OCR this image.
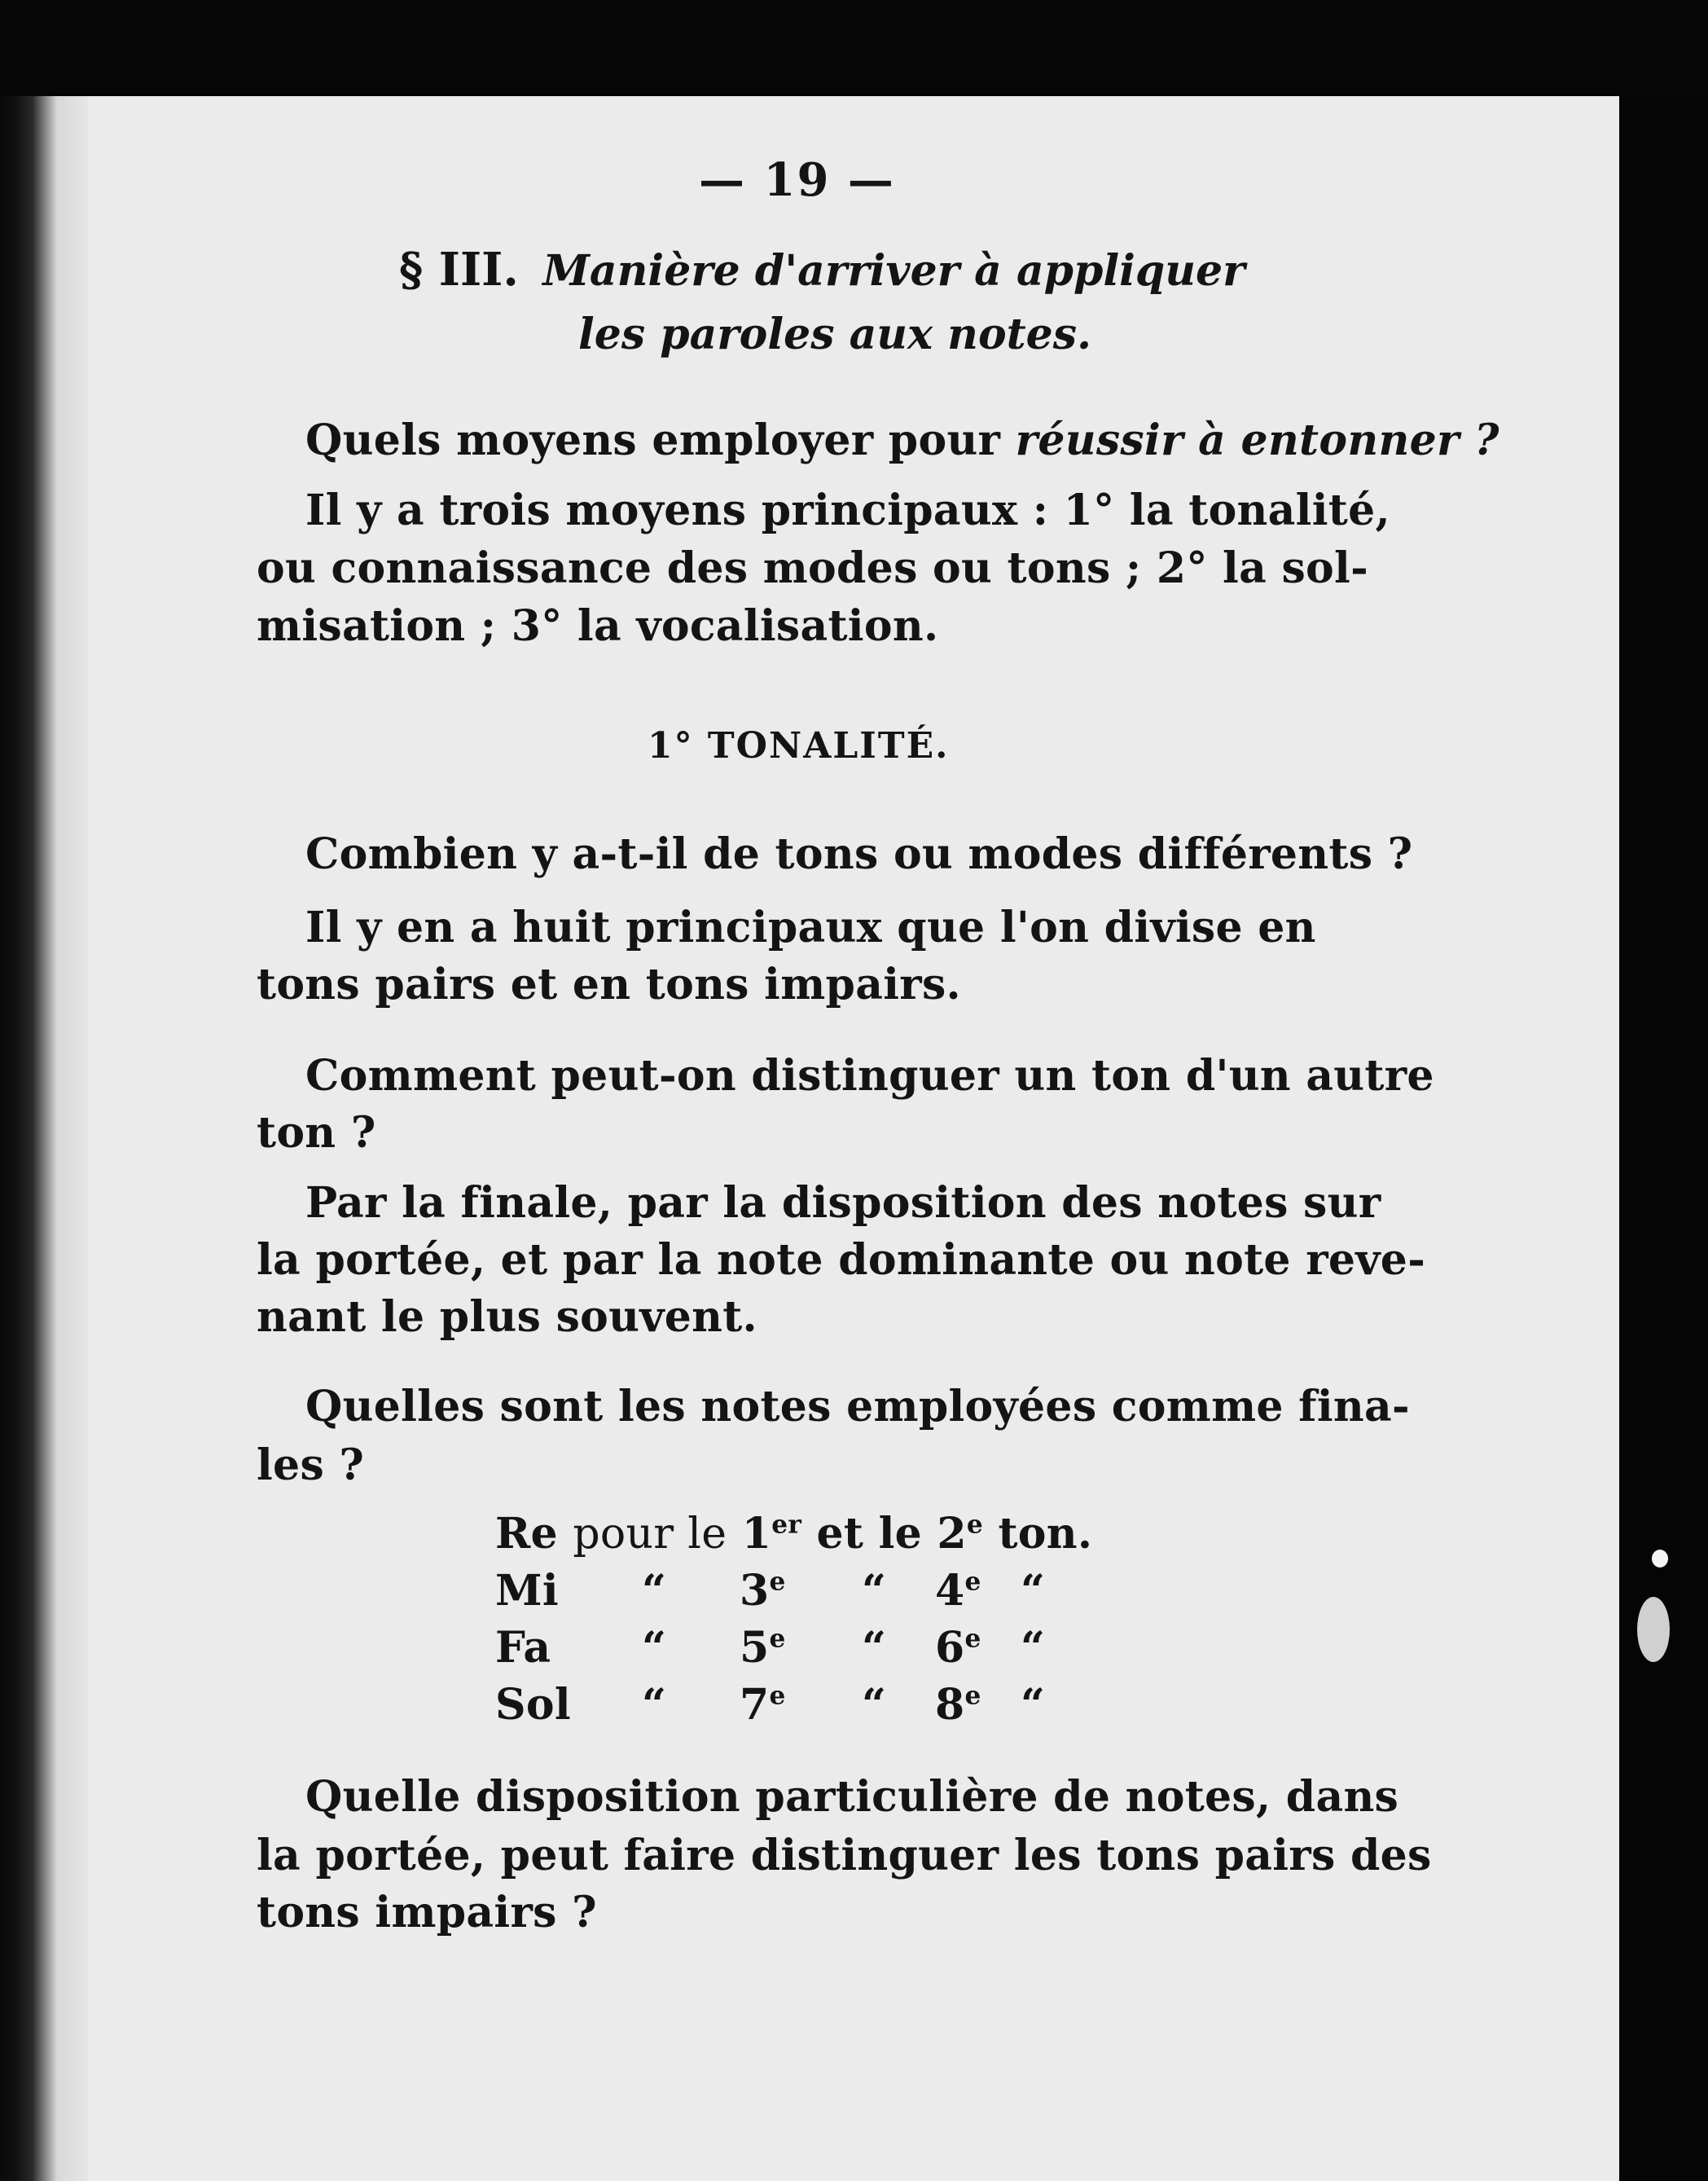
— 19 —
§ III. Manière d'arriver à appliquer
les paroles aux notes.
Quels moyens employer pour réussir à entonner ?
Il y a trois moyens principaux : 1° la tonalité,
ou connaissance des modes ou tons ; 2° la sol-
misation ; 3° la vocalisation.
1° TONALITÉ.
Combien y a-t-il de tons ou modes différents ?
Il y en a huit principaux que l'on divise en
tons pairs et en tons impairs.
Comment peut-on distinguer un ton d'un autre
ton ?
Par la finale, par la disposition des notes sur
la portée, et par la note dominante ou note reve-
nant le plus souvent.
Quelles sont les notes employées comme fina-
les ?
Re pour le 1er et le 2e ton.
Mi “ 3e “ 4e “
Fa “ 5e “ 6e “
Sol “ 7e “ 8e “
Quelle disposition particulière de notes, dans
la portée, peut faire distinguer les tons pairs des
tons impairs ?
